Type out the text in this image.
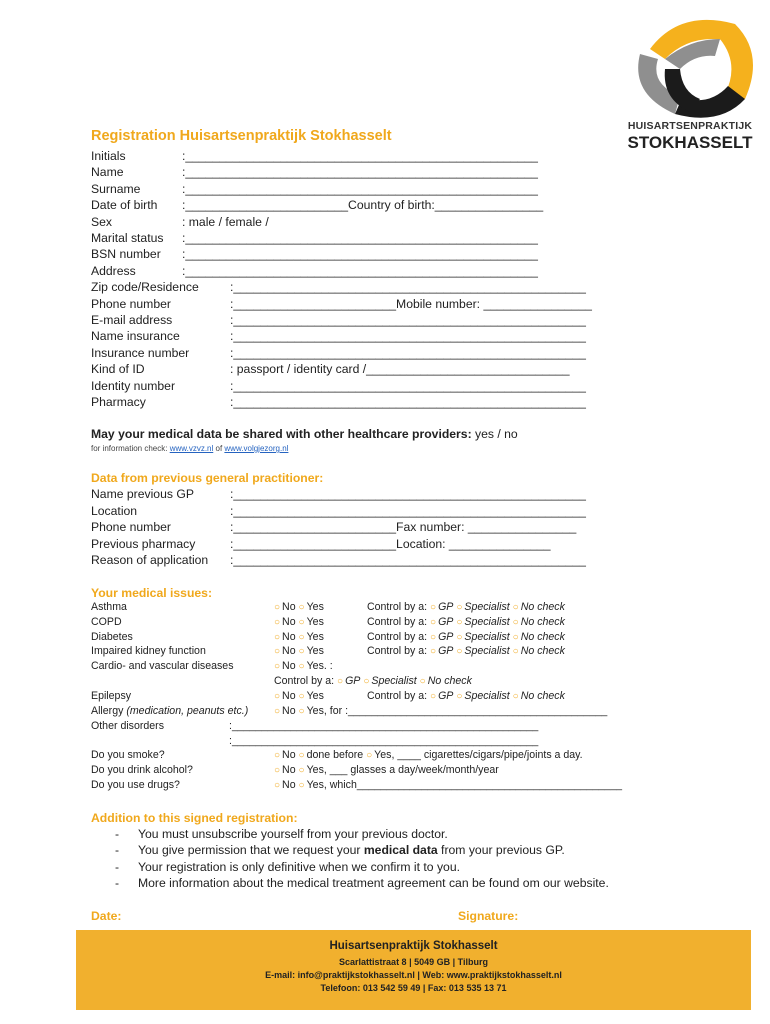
HUISARTSENPRAKTIJK
STOKHASSELT
Registration Huisartsenpraktijk Stokhasselt
Initials	:____________________________________________________
Name	:____________________________________________________
Surname	:____________________________________________________
Date of birth :________________________Country of birth:________________
Sex	: male / female /
Marital status :____________________________________________________
BSN number :____________________________________________________
Address	:____________________________________________________
Zip code/Residence	:____________________________________________________
Phone number	:________________________Mobile number: ________________
E-mail address	:____________________________________________________
Name insurance	:____________________________________________________
Insurance number	:____________________________________________________
Kind of ID	: passport / identity card /______________________________
Identity number	:____________________________________________________
Pharmacy	:____________________________________________________
May your medical data be shared with other healthcare providers: yes / no
for information check: www.vzvz.nl of www.volgjezorg.nl
Data from previous general practitioner:
Name previous GP	:____________________________________________________
Location	:____________________________________________________
Phone number	:________________________Fax number: ________________
Previous pharmacy	:________________________Location: _______________
Reason of application :____________________________________________________
Your medical issues:
Asthma	○ No ○ Yes	Control by a: ○ GP ○ Specialist ○ No check
COPD	○ No ○ Yes	Control by a: ○ GP ○ Specialist ○ No check
Diabetes	○ No ○ Yes	Control by a: ○ GP ○ Specialist ○ No check
Impaired kidney function	○ No ○ Yes	Control by a: ○ GP ○ Specialist ○ No check
Cardio- and vascular diseases	○ No ○ Yes. :
Control by a: ○ GP ○ Specialist ○ No check
Epilepsy	○ No ○ Yes	Control by a: ○ GP ○ Specialist ○ No check
Allergy (medication, peanuts etc.)	○ No ○ Yes, for :____________________________________________
Other disorders	:____________________________________________________
:____________________________________________________
Do you smoke?	○ No ○ done before ○ Yes, ____ cigarettes/cigars/pipe/joints a day.
Do you drink alcohol?	○ No ○ Yes, ___ glasses a day/week/month/year
Do you use drugs?	○ No ○ Yes, which_____________________________________________
Addition to this signed registration:
- You must unsubscribe yourself from your previous doctor.
- You give permission that we request your medical data from your previous GP.
- Your registration is only definitive when we confirm it to you.
- More information about the medical treatment agreement can be found om our website.
Date:	Signature:
Huisartsenpraktijk Stokhasselt
Scarlattistraat 8 | 5049 GB | Tilburg
E-mail: info@praktijkstokhasselt.nl | Web: www.praktijkstokhasselt.nl
Telefoon: 013 542 59 49 | Fax: 013 535 13 71
